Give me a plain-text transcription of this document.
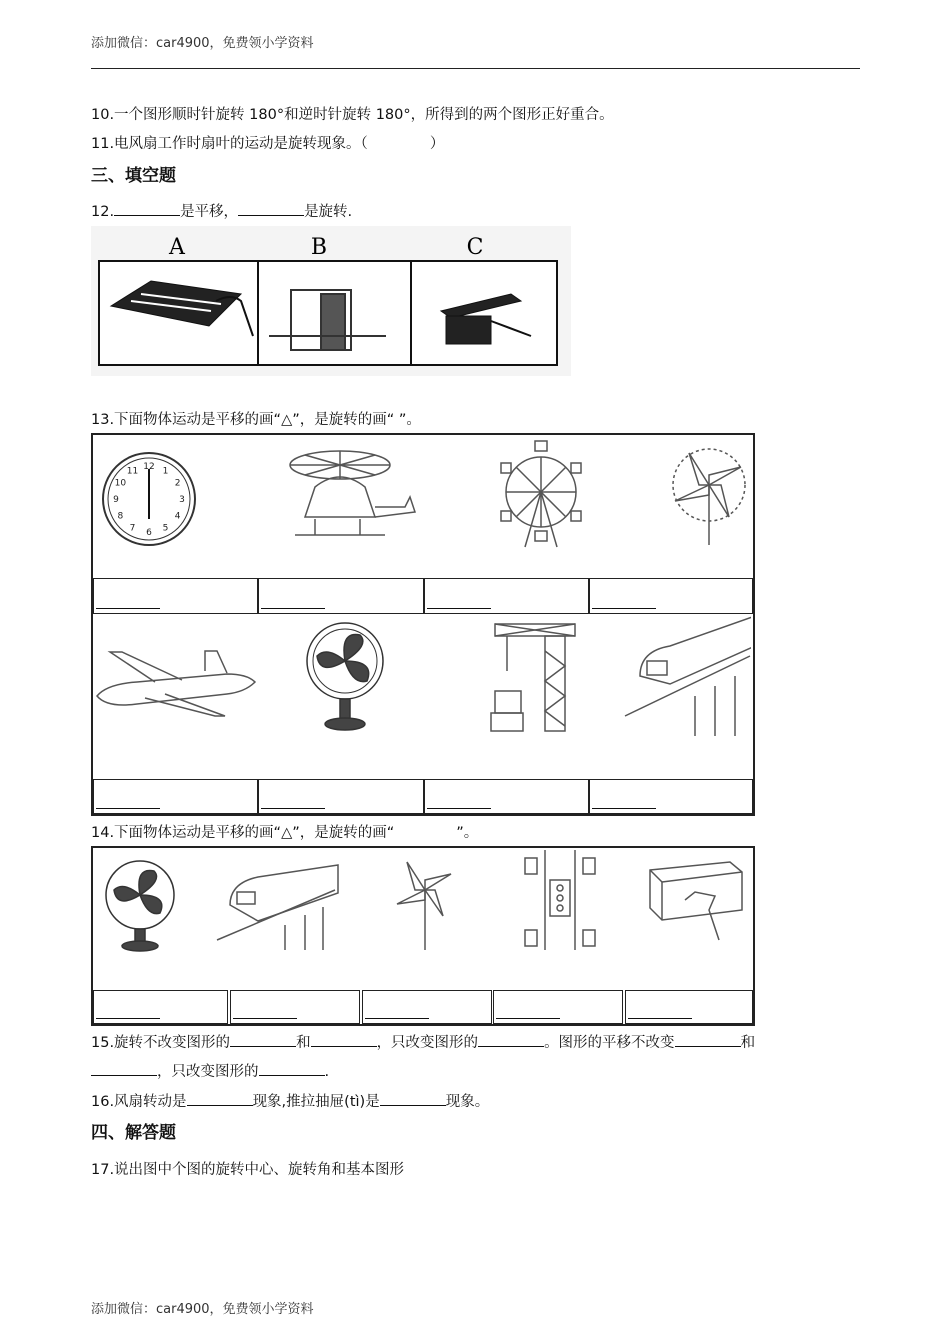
添加微信：car4900，免费领小学资料
10.一个图形顺时针旋转 180°和逆时针旋转 180°，所得到的两个图形正好重合。
11.电风扇工作时扇叶的运动是旋转现象。（	）
三、填空题
12.	是平移，	是旋转.
A	B	C
13.下面物体运动是平移的画“△”，是旋转的画“ ”。
12 1
2
3
4
5
6
7
8
9
10
11
14.下面物体运动是平移的画“△”，是旋转的画“	”。
15.旋转不改变图形的	和	，只改变图形的	。图形的平移不改变	和
，只改变图形的	.
16.风扇转动是	现象,推拉抽屉(tì)是	现象。
四、解答题
17.说出图中个图的旋转中心、旋转角和基本图形
添加微信：car4900，免费领小学资料
